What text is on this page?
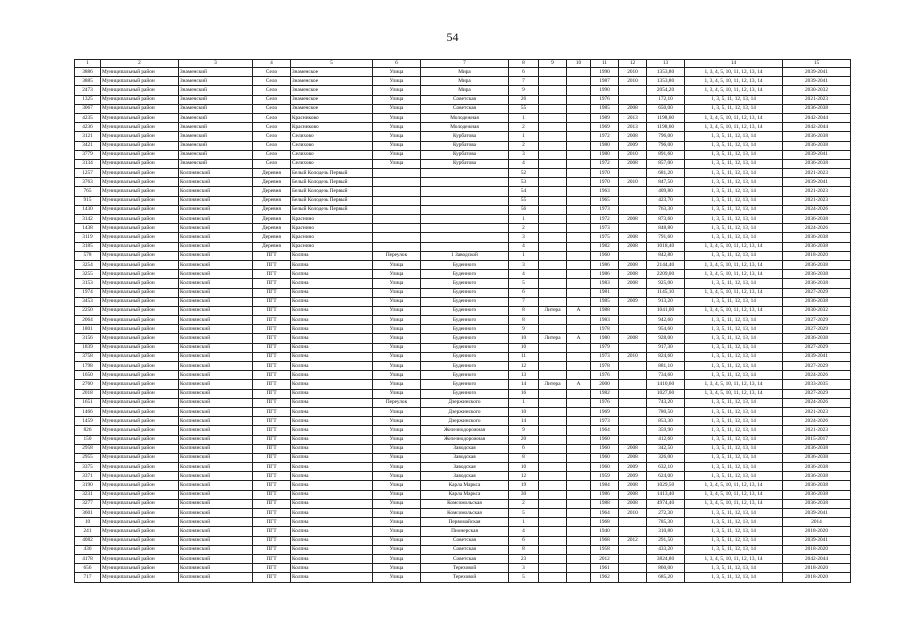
54
1	2	3	4	5	6	7	8	9	10	11	12	13	14	15
3886	Муниципальный район	Знаменский	Село	Знаменское	Улица	Мира	6			1990	2010	1353,80	1, 3, 4, 5, 10, 11, 12, 13, 14	2039-2041
3885	Муниципальный район	Знаменский	Село	Знаменское	Улица	Мира	7			1987	2010	1353,80	1, 3, 4, 5, 10, 11, 12, 13, 14	2039-2041
2473	Муниципальный район	Знаменский	Село	Знаменское	Улица	Мира	9			1990		2054,20	1, 3, 4, 5, 10, 11, 12, 13, 14	2030-2032
1325	Муниципальный район	Знаменский	Село	Знаменское	Улица	Советская	26			1976		172,10	1, 3, 5, 11, 12, 13, 14	2021-2023
3067	Муниципальный район	Знаменский	Село	Знаменское	Улица	Советская	55			1985	2008	650,00	1, 3, 5, 11, 12, 13, 14	2036-2038
4235	Муниципальный район	Знаменский	Село	Красниково	Улица	Молодежная	1			1989	2013	1198,60	1, 3, 4, 5, 10, 11, 12, 13, 14	2042-2044
4236	Муниципальный район	Знаменский	Село	Красниково	Улица	Молодежная	2			1969	2013	1198,60	1, 3, 4, 5, 10, 11, 12, 13, 14	2042-2044
3121	Муниципальный район	Знаменский	Село	Селихово	Улица	Курбатова	1			1972	2008	796,00	1, 3, 5, 11, 12, 13, 14	2036-2038
3421	Муниципальный район	Знаменский	Село	Селихово	Улица	Курбатова	2			1980	2009	796,00	1, 3, 5, 11, 12, 13, 14	2036-2038
3779	Муниципальный район	Знаменский	Село	Селихово	Улица	Курбатова	3			1980	2010	891,60	1, 3, 5, 11, 12, 13, 14	2039-2041
3134	Муниципальный район	Знаменский	Село	Селихово	Улица	Курбатова	4			1972	2008	857,00	1, 3, 5, 11, 12, 13, 14	2036-2038
1257	Муниципальный район	Колпнянский	Деревня	Белый Колодезь Первый			52			1970		681,20	1, 3, 5, 11, 12, 13, 14	2021-2023
3763	Муниципальный район	Колпнянский	Деревня	Белый Колодезь Первый			53			1970	2010	847,50	1, 3, 5, 11, 12, 13, 14	2039-2041
765	Муниципальный район	Колпнянский	Деревня	Белый Колодезь Первый			54			1963		409,80	1, 3, 5, 11, 12, 13, 14	2021-2023
915	Муниципальный район	Колпнянский	Деревня	Белый Колодезь Первый			55			1965		423,70	1, 3, 5, 11, 12, 13, 14	2021-2023
1430	Муниципальный район	Колпнянский	Деревня	Белый Колодезь Первый			56			1973		763,30	1, 3, 5, 11, 12, 13, 14	2024-2026
3142	Муниципальный район	Колпнянский	Деревня	Краснино			1			1972	2008	873,60	1, 3, 5, 11, 12, 13, 14	2036-2038
1438	Муниципальный район	Колпнянский	Деревня	Краснино			2			1973		848,80	1, 3, 5, 11, 12, 13, 14	2024-2026
3119	Муниципальный район	Колпнянский	Деревня	Краснино			3			1975	2008	791,60	1, 3, 5, 11, 12, 13, 14	2036-2038
3185	Муниципальный район	Колпнянский	Деревня	Краснино			4			1982	2008	1018,40	1, 3, 4, 5, 10, 11, 12, 13, 14	2036-2038
578	Муниципальный район	Колпнянский	ПГТ	Колпна	Переулок	1 Заводской	1			1960		842,80	1, 3, 5, 11, 12, 13, 14	2018-2020
3254	Муниципальный район	Колпнянский	ПГТ	Колпна	Улица	Буденного	3			1986	2008	2144,40	1, 3, 4, 5, 10, 11, 12, 13, 14	2036-2038
3255	Муниципальный район	Колпнянский	ПГТ	Колпна	Улица	Буденного	4			1986	2008	2209,00	1, 3, 4, 5, 10, 11, 12, 13, 14	2036-2038
3153	Муниципальный район	Колпнянский	ПГТ	Колпна	Улица	Буденного	5			1983	2008	925,00	1, 3, 5, 11, 12, 13, 14	2036-2038
1974	Муниципальный район	Колпнянский	ПГТ	Колпна	Улица	Буденного	6			1981		1145,10	1, 3, 4, 5, 10, 11, 12, 13, 14	2027-2029
3453	Муниципальный район	Колпнянский	ПГТ	Колпна	Улица	Буденного	7			1985	2009	913,20	1, 3, 5, 11, 12, 13, 14	2036-2038
2250	Муниципальный район	Колпнянский	ПГТ	Колпна	Улица	Буденного	8	Литера	А	1988		1041,00	1, 3, 4, 5, 10, 11, 12, 13, 14	2030-2032
2064	Муниципальный район	Колпнянский	ПГТ	Колпна	Улица	Буденного	8			1983		942,60	1, 3, 5, 11, 12, 13, 14	2027-2029
1801	Муниципальный район	Колпнянский	ПГТ	Колпна	Улица	Буденного	9			1978		954,60	1, 3, 5, 11, 12, 13, 14	2027-2029
3156	Муниципальный район	Колпнянский	ПГТ	Колпна	Улица	Буденного	10	Литера	А	1980	2008	928,00	1, 3, 5, 11, 12, 13, 14	2036-2038
1839	Муниципальный район	Колпнянский	ПГТ	Колпна	Улица	Буденного	10			1979		917,30	1, 3, 5, 11, 12, 13, 14	2027-2029
3758	Муниципальный район	Колпнянский	ПГТ	Колпна	Улица	Буденного	11			1973	2010	824,60	1, 3, 5, 11, 12, 13, 14	2039-2041
1798	Муниципальный район	Колпнянский	ПГТ	Колпна	Улица	Буденного	12			1978		881,10	1, 3, 5, 11, 12, 13, 14	2027-2029
1650	Муниципальный район	Колпнянский	ПГТ	Колпна	Улица	Буденного	13			1976		734,60	1, 3, 5, 11, 12, 13, 14	2024-2026
2760	Муниципальный район	Колпнянский	ПГТ	Колпна	Улица	Буденного	14	Литера	А	2000		1410,60	1, 3, 4, 5, 10, 11, 12, 13, 14	2033-2035
2018	Муниципальный район	Колпнянский	ПГТ	Колпна	Улица	Буденного	16			1982		1027,60	1, 3, 4, 5, 10, 11, 12, 13, 14	2027-2029
1651	Муниципальный район	Колпнянский	ПГТ	Колпна	Переулок	Дзержинского	1			1976		743,20	1, 3, 5, 11, 12, 13, 14	2024-2026
1466	Муниципальный район	Колпнянский	ПГТ	Колпна	Улица	Дзержинского	10			1969		780,50	1, 3, 5, 11, 12, 13, 14	2021-2023
1459	Муниципальный район	Колпнянский	ПГТ	Колпна	Улица	Дзержинского	14			1973		853,30	1, 3, 5, 11, 12, 13, 14	2024-2026
826	Муниципальный район	Колпнянский	ПГТ	Колпна	Улица	Железнодорожная	9			1964		359,90	1, 3, 5, 11, 12, 13, 14	2021-2023
150	Муниципальный район	Колпнянский	ПГТ	Колпна	Улица	Железнодорожная	20			1960		412,60	1, 3, 5, 11, 12, 13, 14	2015-2017
2958	Муниципальный район	Колпнянский	ПГТ	Колпна	Улица	Заводская	6			1960	2008	342,50	1, 3, 5, 11, 12, 13, 14	2036-2038
2955	Муниципальный район	Колпнянский	ПГТ	Колпна	Улица	Заводская	8			1960	2008	326,00	1, 3, 5, 11, 12, 13, 14	2036-2038
3375	Муниципальный район	Колпнянский	ПГТ	Колпна	Улица	Заводская	10			1960	2009	632,10	1, 3, 5, 11, 12, 13, 14	2036-2038
3371	Муниципальный район	Колпнянский	ПГТ	Колпна	Улица	Заводская	12			1959	2009	624,00	1, 3, 5, 11, 12, 13, 14	2036-2038
3190	Муниципальный район	Колпнянский	ПГТ	Колпна	Улица	Карла Маркса	19			1984	2008	1029,50	1, 3, 4, 5, 10, 11, 12, 13, 14	2036-2038
3231	Муниципальный район	Колпнянский	ПГТ	Колпна	Улица	Карла Маркса	30			1986	2008	1413,40	1, 3, 4, 5, 10, 11, 12, 13, 14	2036-2038
3277	Муниципальный район	Колпнянский	ПГТ	Колпна	Улица	Комсомольская	2			1988	2008	4974,40	1, 3, 4, 5, 10, 11, 12, 13, 14	2036-2038
3601	Муниципальный район	Колпнянский	ПГТ	Колпна	Улица	Комсомольская	5			1964	2010	272,30	1, 3, 5, 11, 12, 13, 14	2039-2041
10	Муниципальный район	Колпнянский	ПГТ	Колпна	Улица	Первомайская	1			1968		785,30	1, 3, 5, 11, 12, 13, 14	2014
241	Муниципальный район	Колпнянский	ПГТ	Колпна	Улица	Пионерская	4			1940		310,80	1, 3, 5, 11, 12, 13, 14	2018-2020
4082	Муниципальный район	Колпнянский	ПГТ	Колпна	Улица	Советская	6			1968	2012	291,50	1, 3, 5, 11, 12, 13, 14	2039-2041
436	Муниципальный район	Колпнянский	ПГТ	Колпна	Улица	Советская	8			1958		433,20	1, 3, 5, 11, 12, 13, 14	2018-2020
4178	Муниципальный район	Колпнянский	ПГТ	Колпна	Улица	Советская	23			2012		3824,80	1, 3, 4, 5, 10, 11, 12, 13, 14	2042-2044
656	Муниципальный район	Колпнянский	ПГТ	Колпна	Улица	Тереховой	3			1961		860,00	1, 3, 5, 11, 12, 13, 14	2018-2020
717	Муниципальный район	Колпнянский	ПГТ	Колпна	Улица	Тереховой	5			1962		685,20	1, 3, 5, 11, 12, 13, 14	2018-2020
